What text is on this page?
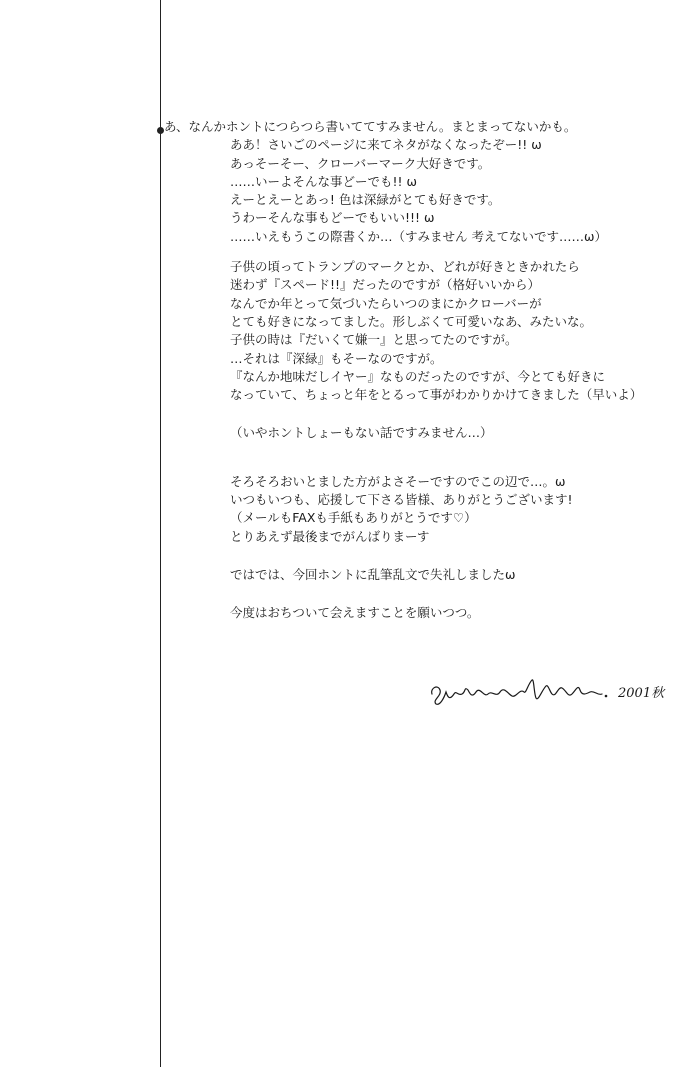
あ、なんかホントにつらつら書いててすみません。まとまってないかも。
ああ！さいごのページに来てネタがなくなったぞー!! ω
あっそーそー、クローバーマーク大好きです。
……いーよそんな事どーでも!! ω
えーとえーとあっ! 色は深緑がとても好きです。
うわーそんな事もどーでもいい!!! ω
……いえもうこの際書くか…（すみません 考えてないです……ω）
子供の頃ってトランプのマークとか、どれが好きときかれたら
迷わず『スペード!!』だったのですが（格好いいから）
なんでか年とって気づいたらいつのまにかクローバーが
とても好きになってました。形しぶくて可愛いなあ、みたいな。
子供の時は『だいくて嫌一』と思ってたのですが。
…それは『深緑』もそーなのですが。
『なんか地味だしイヤー』なものだったのですが、今とても好きに
なっていて、ちょっと年をとるって事がわかりかけてきました（早いよ）
（いやホントしょーもない話ですみません…）
そろそろおいとました方がよさそーですのでこの辺で…。ω
いつもいつも、応援して下さる皆様、ありがとうございます!
（メールもFAXも手紙もありがとうです♡）
とりあえず最後までがんばりまーす
ではでは、今回ホントに乱筆乱文で失礼しましたω
今度はおちついて会えますことを願いつつ。
2001秋
